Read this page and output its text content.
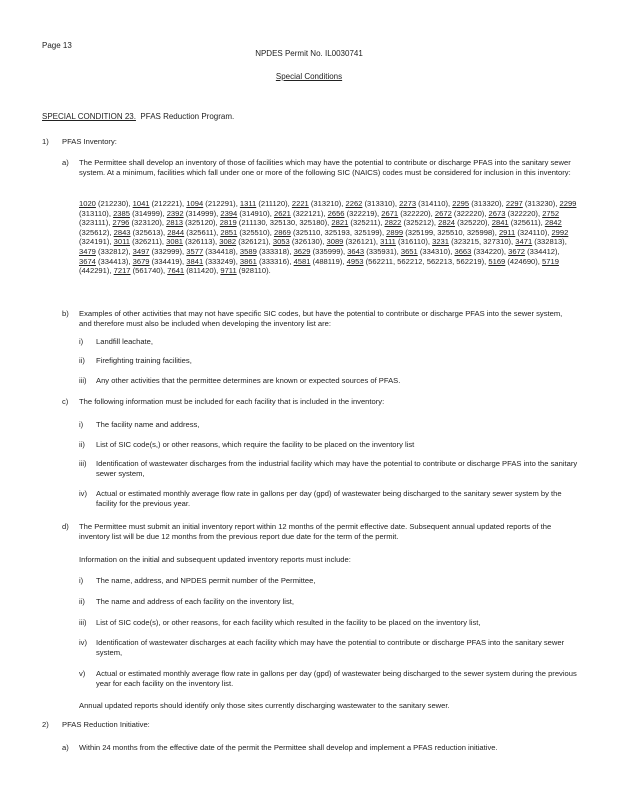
Page 13
NPDES Permit No. IL0030741
Special Conditions
SPECIAL CONDITION 23. PFAS Reduction Program.
1) PFAS Inventory:
a) The Permittee shall develop an inventory of those of facilities which may have the potential to contribute or discharge PFAS into the sanitary sewer system. At a minimum, facilities which fall under one or more of the following SIC (NAICS) codes must be considered for inclusion in this inventory:
1020 (212230), 1041 (212221), 1094 (212291), 1311 (211120), 2221 (313210), 2262 (313310), 2273 (314110), 2295 (313320), 2297 (313230), 2299 (313110), 2385 (314999), 2392 (314999), 2394 (314910), 2621 (322121), 2656 (322219), 2671 (322220), 2672 (322220), 2673 (322220), 2752 (323111), 2796 (323120), 2813 (325120), 2819 (211130, 325130, 325180), 2821 (325211), 2822 (325212), 2824 (325220), 2841 (325611), 2842 (325612), 2843 (325613), 2844 (325611), 2851 (325510), 2869 (325110, 325193, 325199), 2899 (325199, 325510, 325998), 2911 (324110), 2992 (324191), 3011 (326211), 3081 (326113), 3082 (326121), 3053 (326130), 3089 (326121), 3111 (316110), 3231 (323215, 327310), 3471 (332813), 3479 (332812), 3497 (332999), 3577 (334418), 3589 (333318), 3629 (335999), 3643 (335931), 3651 (334310), 3663 (334220), 3672 (334412), 3674 (334413), 3679 (334419), 3841 (333249), 3861 (333316), 4581 (488119), 4953 (562211, 562212, 562213, 562219), 5169 (424690), 5719 (442291), 7217 (561740), 7641 (811420), 9711 (928110).
b) Examples of other activities that may not have specific SIC codes, but have the potential to contribute or discharge PFAS into the sewer system, and therefore must also be included when developing the inventory list are:
i) Landfill leachate,
ii) Firefighting training facilities,
iii) Any other activities that the permittee determines are known or expected sources of PFAS.
c) The following information must be included for each facility that is included in the inventory:
i) The facility name and address,
ii) List of SIC code(s,) or other reasons, which require the facility to be placed on the inventory list
iii) Identification of wastewater discharges from the industrial facility which may have the potential to contribute or discharge PFAS into the sanitary sewer system,
iv) Actual or estimated monthly average flow rate in gallons per day (gpd) of wastewater being discharged to the sanitary sewer system by the facility for the previous year.
d) The Permittee must submit an initial inventory report within 12 months of the permit effective date. Subsequent annual updated reports of the inventory list will be due 12 months from the previous report due date for the term of the permit.
Information on the initial and subsequent updated inventory reports must include:
i) The name, address, and NPDES permit number of the Permittee,
ii) The name and address of each facility on the inventory list,
iii) List of SIC code(s), or other reasons, for each facility which resulted in the facility to be placed on the inventory list,
iv) Identification of wastewater discharges at each facility which may have the potential to contribute or discharge PFAS into the sanitary sewer system,
v) Actual or estimated monthly average flow rate in gallons per day (gpd) of wastewater being discharged to the sewer system during the previous year for each facility on the inventory list.
Annual updated reports should identify only those sites currently discharging wastewater to the sanitary sewer.
2) PFAS Reduction Initiative:
a) Within 24 months from the effective date of the permit the Permittee shall develop and implement a PFAS reduction initiative.
